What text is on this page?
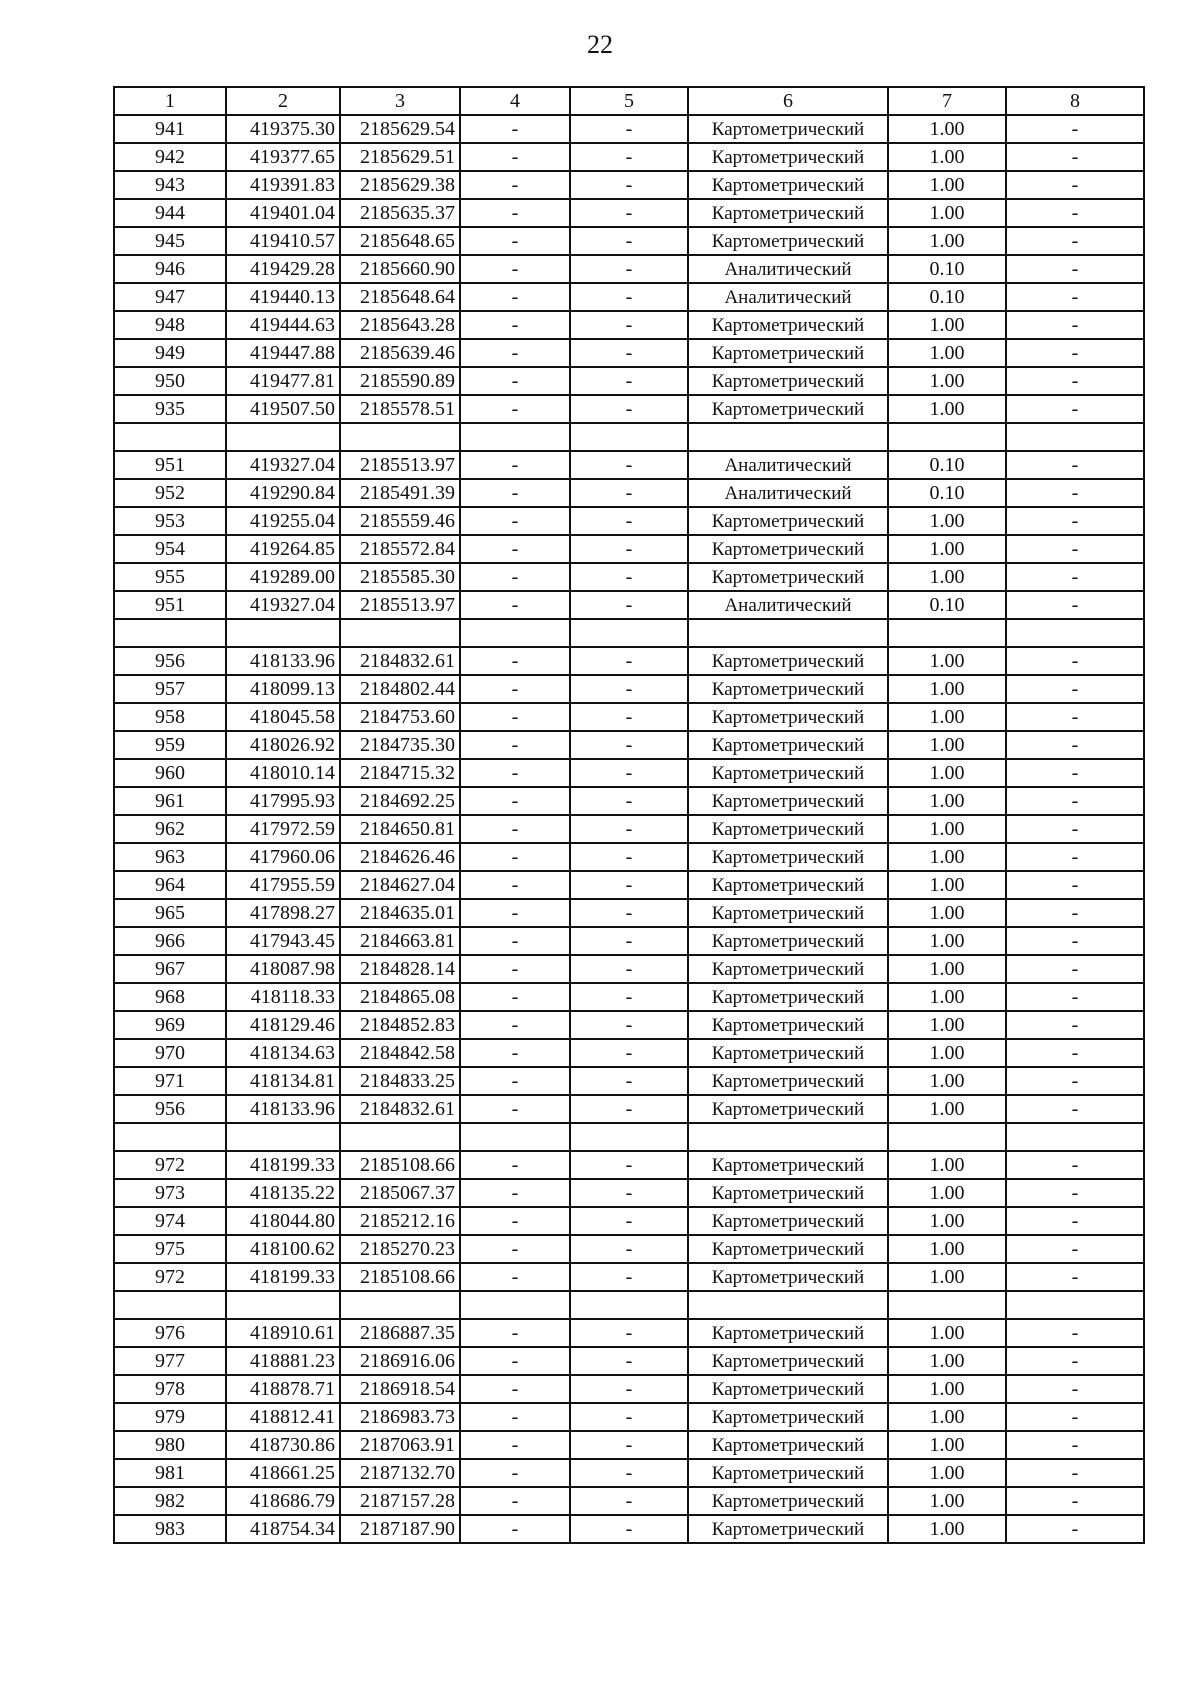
22
1	2	3	4	5	6	7	8
941	419375.30	2185629.54	-	-	Картометрический	1.00	-
942	419377.65	2185629.51	-	-	Картометрический	1.00	-
943	419391.83	2185629.38	-	-	Картометрический	1.00	-
944	419401.04	2185635.37	-	-	Картометрический	1.00	-
945	419410.57	2185648.65	-	-	Картометрический	1.00	-
946	419429.28	2185660.90	-	-	Аналитический	0.10	-
947	419440.13	2185648.64	-	-	Аналитический	0.10	-
948	419444.63	2185643.28	-	-	Картометрический	1.00	-
949	419447.88	2185639.46	-	-	Картометрический	1.00	-
950	419477.81	2185590.89	-	-	Картометрический	1.00	-
935	419507.50	2185578.51	-	-	Картометрический	1.00	-

951	419327.04	2185513.97	-	-	Аналитический	0.10	-
952	419290.84	2185491.39	-	-	Аналитический	0.10	-
953	419255.04	2185559.46	-	-	Картометрический	1.00	-
954	419264.85	2185572.84	-	-	Картометрический	1.00	-
955	419289.00	2185585.30	-	-	Картометрический	1.00	-
951	419327.04	2185513.97	-	-	Аналитический	0.10	-

956	418133.96	2184832.61	-	-	Картометрический	1.00	-
957	418099.13	2184802.44	-	-	Картометрический	1.00	-
958	418045.58	2184753.60	-	-	Картометрический	1.00	-
959	418026.92	2184735.30	-	-	Картометрический	1.00	-
960	418010.14	2184715.32	-	-	Картометрический	1.00	-
961	417995.93	2184692.25	-	-	Картометрический	1.00	-
962	417972.59	2184650.81	-	-	Картометрический	1.00	-
963	417960.06	2184626.46	-	-	Картометрический	1.00	-
964	417955.59	2184627.04	-	-	Картометрический	1.00	-
965	417898.27	2184635.01	-	-	Картометрический	1.00	-
966	417943.45	2184663.81	-	-	Картометрический	1.00	-
967	418087.98	2184828.14	-	-	Картометрический	1.00	-
968	418118.33	2184865.08	-	-	Картометрический	1.00	-
969	418129.46	2184852.83	-	-	Картометрический	1.00	-
970	418134.63	2184842.58	-	-	Картометрический	1.00	-
971	418134.81	2184833.25	-	-	Картометрический	1.00	-
956	418133.96	2184832.61	-	-	Картометрический	1.00	-

972	418199.33	2185108.66	-	-	Картометрический	1.00	-
973	418135.22	2185067.37	-	-	Картометрический	1.00	-
974	418044.80	2185212.16	-	-	Картометрический	1.00	-
975	418100.62	2185270.23	-	-	Картометрический	1.00	-
972	418199.33	2185108.66	-	-	Картометрический	1.00	-

976	418910.61	2186887.35	-	-	Картометрический	1.00	-
977	418881.23	2186916.06	-	-	Картометрический	1.00	-
978	418878.71	2186918.54	-	-	Картометрический	1.00	-
979	418812.41	2186983.73	-	-	Картометрический	1.00	-
980	418730.86	2187063.91	-	-	Картометрический	1.00	-
981	418661.25	2187132.70	-	-	Картометрический	1.00	-
982	418686.79	2187157.28	-	-	Картометрический	1.00	-
983	418754.34	2187187.90	-	-	Картометрический	1.00	-
